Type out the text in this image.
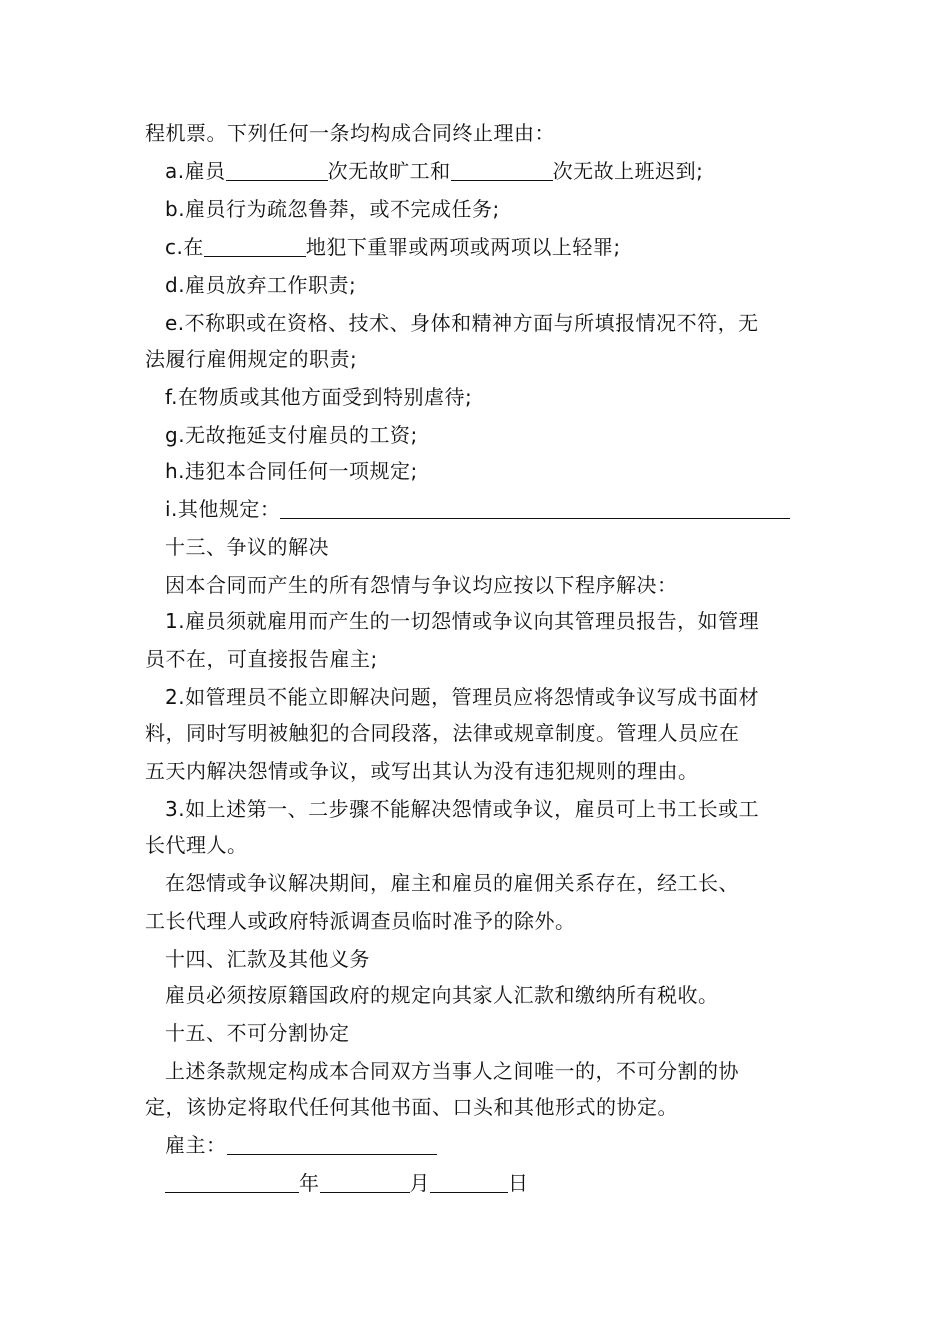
程机票。下列任何一条均构成合同终止理由：
a.雇员	次无故旷工和	次无故上班迟到;
b.雇员行为疏忽鲁莽，或不完成任务;
c.在	地犯下重罪或两项或两项以上轻罪;
d.雇员放弃工作职责;
e.不称职或在资格、技术、身体和精神方面与所填报情况不符，无
法履行雇佣规定的职责;
f.在物质或其他方面受到特别虐待;
g.无故拖延支付雇员的工资;
h.违犯本合同任何一项规定;
i.其他规定：
十三、争议的解决
因本合同而产生的所有怨情与争议均应按以下程序解决：
1.雇员须就雇用而产生的一切怨情或争议向其管理员报告，如管理
员不在，可直接报告雇主;
2.如管理员不能立即解决问题，管理员应将怨情或争议写成书面材
料，同时写明被触犯的合同段落，法律或规章制度。管理人员应在
五天内解决怨情或争议，或写出其认为没有违犯规则的理由。
3.如上述第一、二步骤不能解决怨情或争议，雇员可上书工长或工
长代理人。
在怨情或争议解决期间，雇主和雇员的雇佣关系存在，经工长、
工长代理人或政府特派调查员临时准予的除外。
十四、汇款及其他义务
雇员必须按原籍国政府的规定向其家人汇款和缴纳所有税收。
十五、不可分割协定
上述条款规定构成本合同双方当事人之间唯一的，不可分割的协
定，该协定将取代任何其他书面、口头和其他形式的协定。
雇主：
年	月	日
